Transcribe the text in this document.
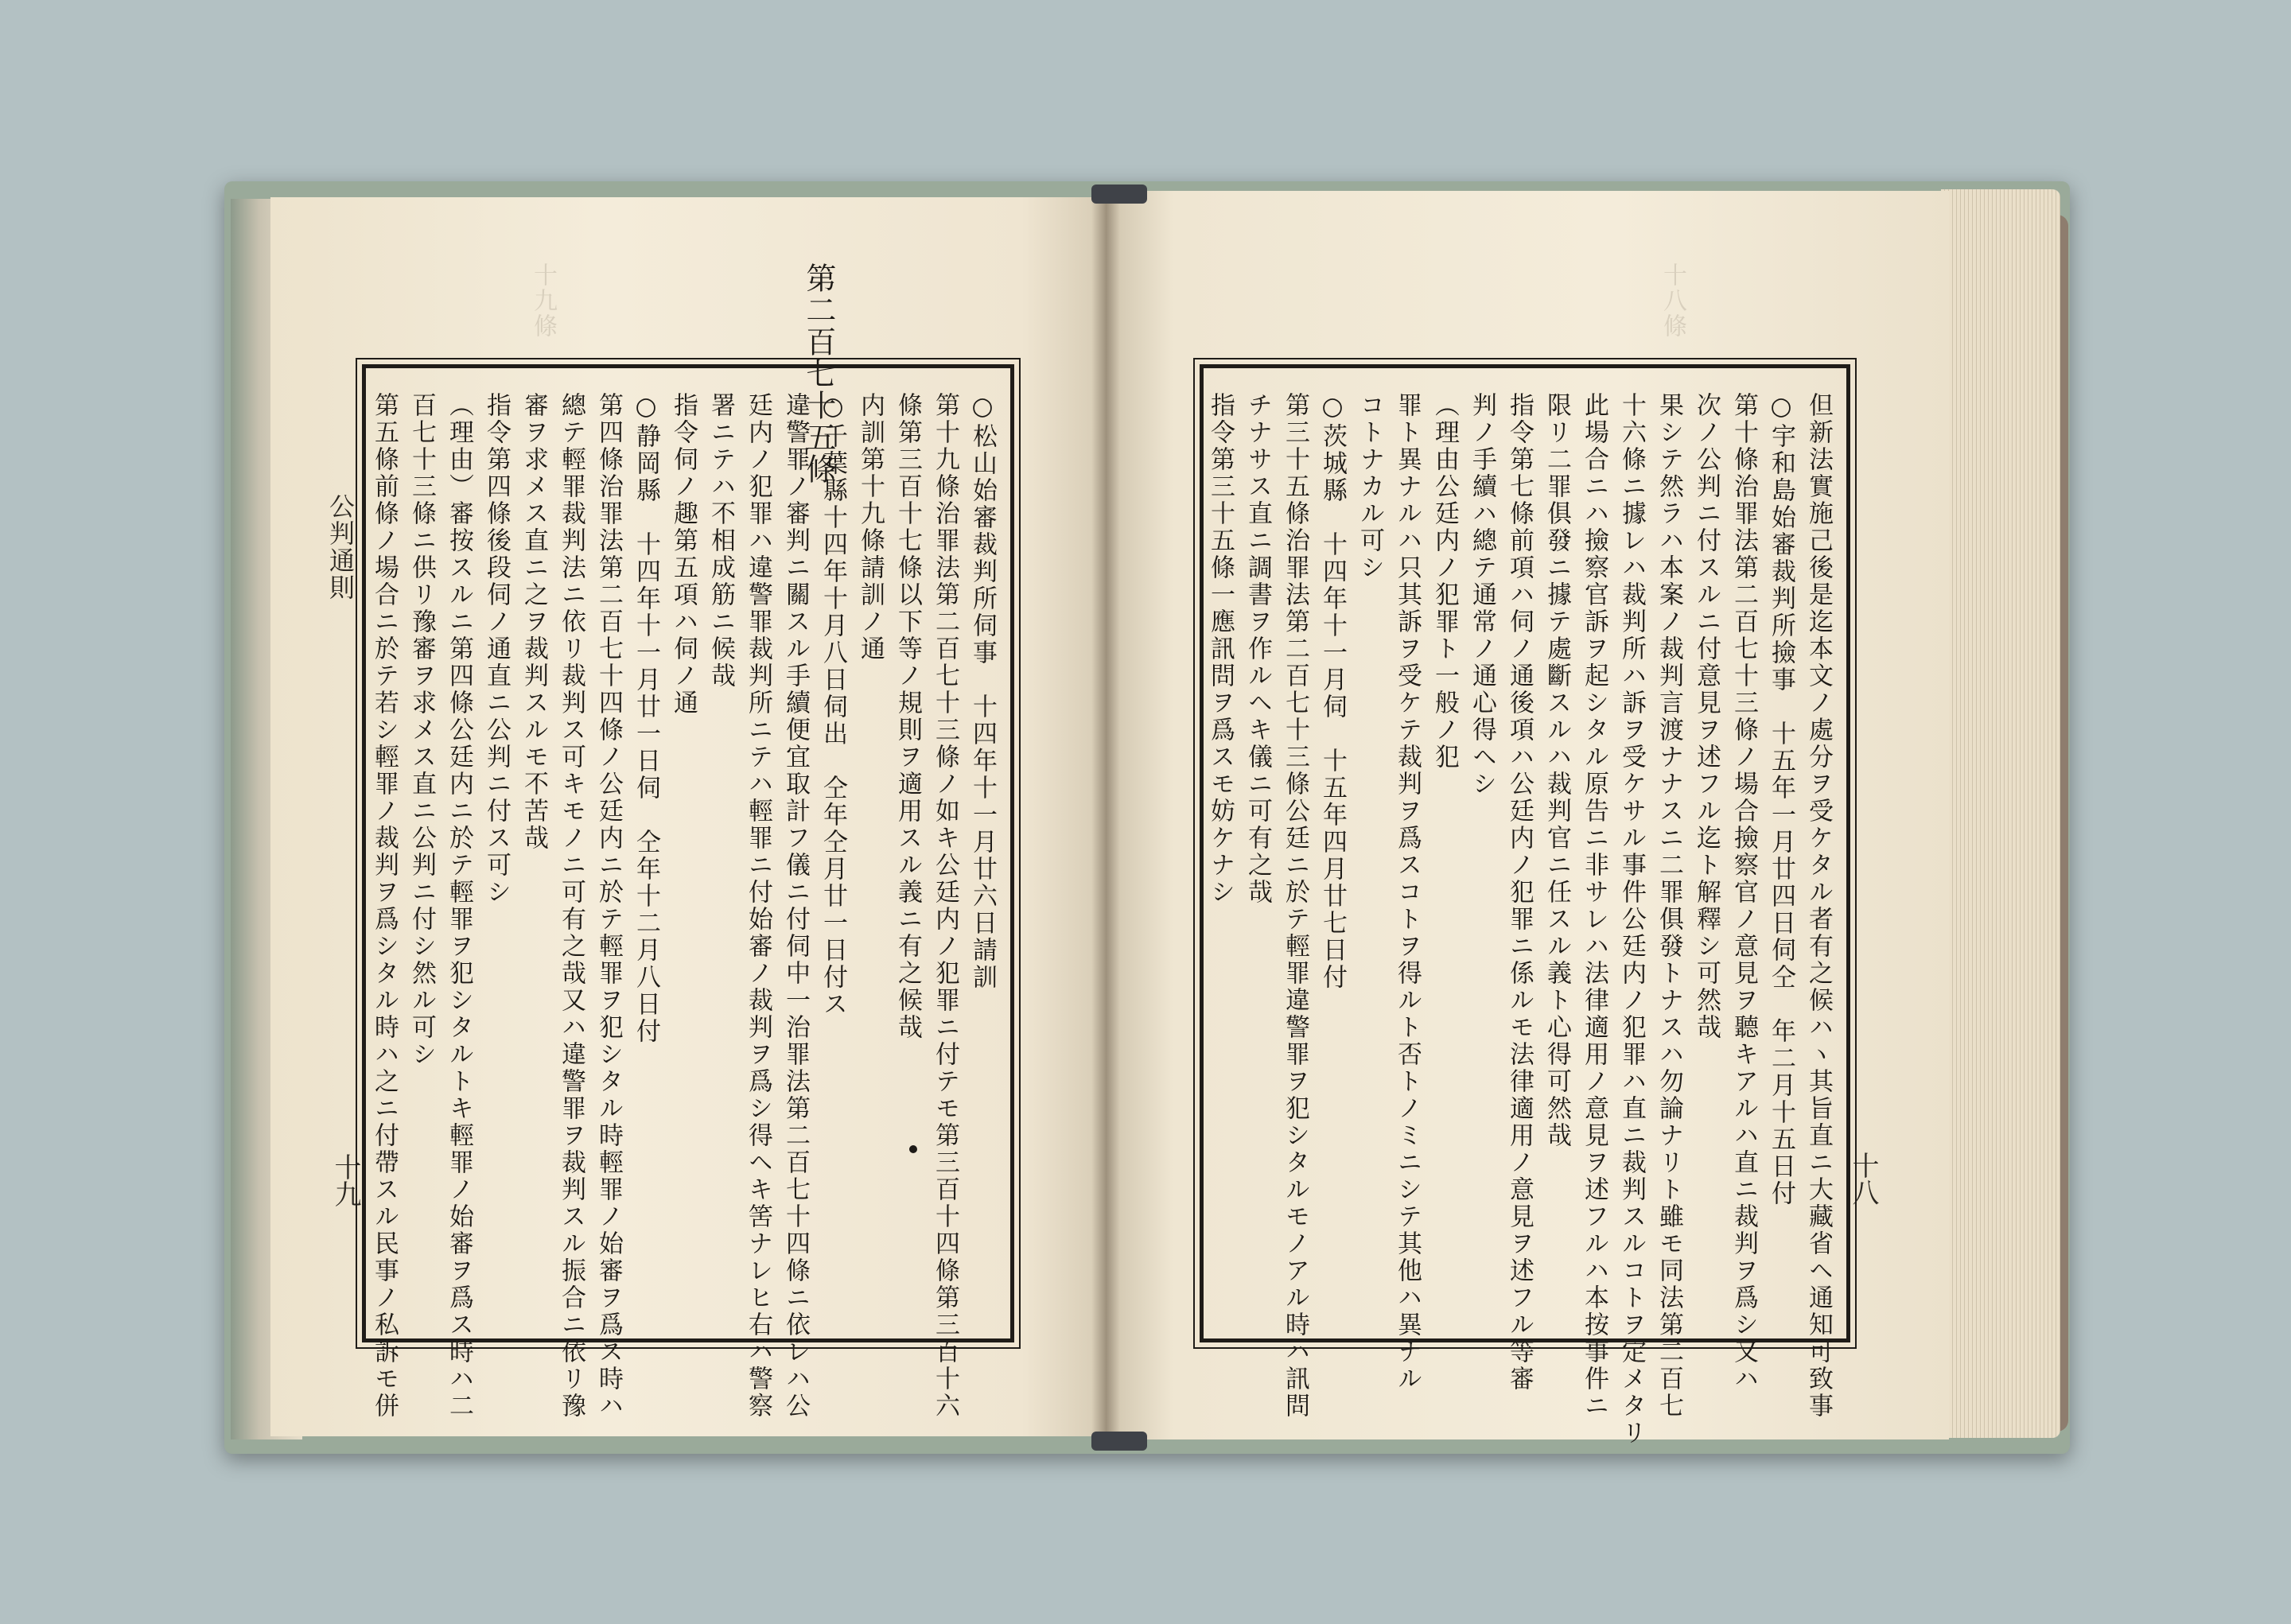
十八條
十九條	第二百七十五條
公判通則
十九
○松山始審裁判所伺事　十四年十一月廿六日請訓
第十九條治罪法第二百七十三條ノ如キ公廷内ノ犯罪ニ付テモ第三百十四條第三百十六
條第三百十七條以下等ノ規則ヲ適用スル義ニ有之候哉
内訓第十九條請訓ノ通
○千葉縣十四年十月八日伺出　仝年仝月廿一日付ス
違警罪ノ審判ニ關スル手續便宜取計フ儀ニ付伺中一治罪法第二百七十四條ニ依レハ公
廷内ノ犯罪ハ違警罪裁判所ニテハ輕罪ニ付始審ノ裁判ヲ爲シ得ヘキ筈ナレヒ右ハ警察
署ニテハ不相成筋ニ候哉
指令伺ノ趣第五項ハ伺ノ通
○静岡縣　十四年十一月廿一日伺　仝年十二月八日付
第四條治罪法第二百七十四條ノ公廷内ニ於テ輕罪ヲ犯シタル時輕罪ノ始審ヲ爲ス時ハ
總テ輕罪裁判法ニ依リ裁判ス可キモノニ可有之哉又ハ違警罪ヲ裁判スル振合ニ依リ豫
審ヲ求メス直ニ之ヲ裁判スルモ不苦哉
指令第四條後段伺ノ通直ニ公判ニ付ス可シ
（理由）審按スルニ第四條公廷内ニ於テ輕罪ヲ犯シタルトキ輕罪ノ始審ヲ爲ス時ハ二
百七十三條ニ供リ豫審ヲ求メス直ニ公判ニ付シ然ル可シ
第五條前條ノ場合ニ於テ若シ輕罪ノ裁判ヲ爲シタル時ハ之ニ付帶スル民事ノ私訴モ併	十八
但新法實施己後是迄本文ノ處分ヲ受ケタル者有之候ハヽ其旨直ニ大藏省ヘ通知可致事
○宇和島始審裁判所撿事　十五年一月廿四日伺仝　年二月十五日付
第十條治罪法第二百七十三條ノ場合撿察官ノ意見ヲ聽キアルハ直ニ裁判ヲ爲シ又ハ
次ノ公判ニ付スルニ付意見ヲ述フル迄ト解釋シ可然哉
果シテ然ラハ本案ノ裁判言渡ナナスニ二罪俱發トナスハ勿論ナリト雖モ同法第二百七
十六條ニ據レハ裁判所ハ訴ヲ受ケサル事件公廷内ノ犯罪ハ直ニ裁判スルコトヲ定メタリ
此場合ニハ撿察官訴ヲ起シタル原告ニ非サレハ法律適用ノ意見ヲ述フルハ本按事件ニ
限リ二罪俱發ニ據テ處斷スルハ裁判官ニ任スル義ト心得可然哉
指令第七條前項ハ伺ノ通後項ハ公廷内ノ犯罪ニ係ルモ法律適用ノ意見ヲ述フル等審
判ノ手續ハ總テ通常ノ通心得ヘシ
（理由公廷内ノ犯罪ト一般ノ犯
罪ト異ナルハ只其訴ヲ受ケテ裁判ヲ爲スコトヲ得ルト否トノミニシテ其他ハ異ナル
コトナカル可シ
○茨城縣　十四年十一月伺　十五年四月廿七日付
第三十五條治罪法第二百七十三條公廷ニ於テ輕罪違警罪ヲ犯シタルモノアル時ハ訊問
チナサス直ニ調書ヲ作ルヘキ儀ニ可有之哉
指令第三十五條一應訊問ヲ爲スモ妨ケナシ
